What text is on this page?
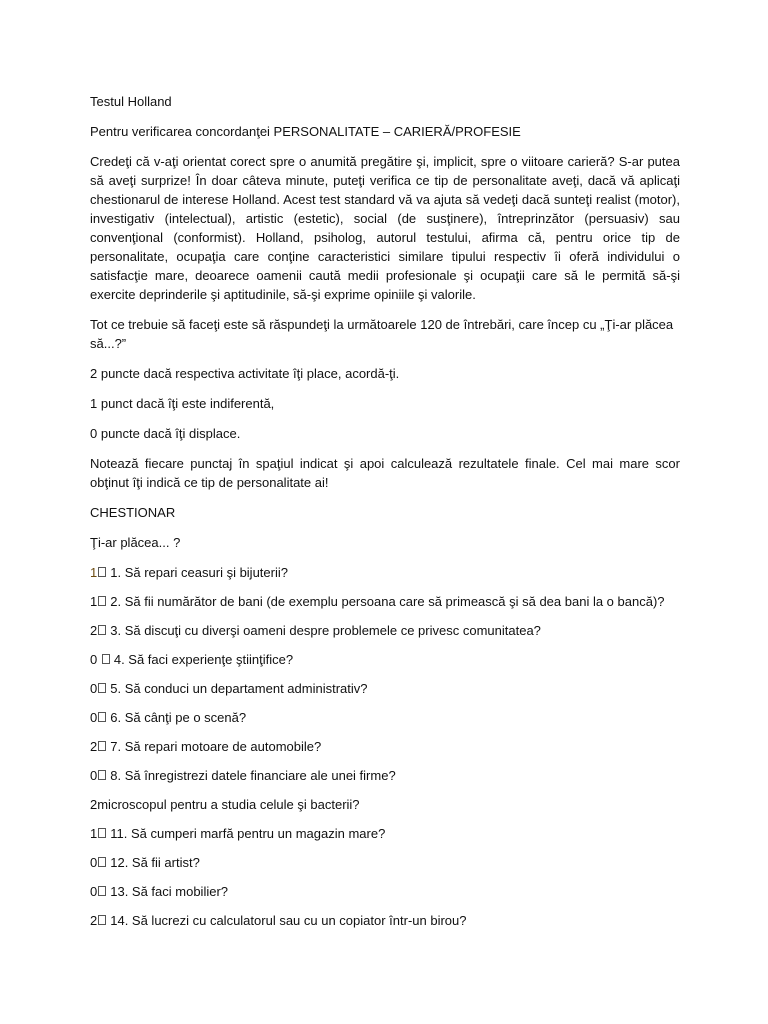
Testul Holland

Pentru verificarea concordanţei PERSONALITATE – CARIERĂ/PROFESIE

Credeţi că v-aţi orientat corect spre o anumită pregătire şi, implicit, spre o viitoare carieră? S-ar putea să aveţi surprize! În doar câteva minute, puteţi verifica ce tip de personalitate aveţi, dacă vă aplicaţi chestionarul de interese Holland. Acest test standard vă va ajuta să vedeţi dacă sunteţi realist (motor), investigativ (intelectual), artistic (estetic), social (de susţinere), întreprinzător (persuasiv) sau convenţional (conformist). Holland, psiholog, autorul testului, afirma că, pentru orice tip de personalitate, ocupaţia care conţine caracteristici similare tipului respectiv îi oferă individului o satisfacţie mare, deoarece oamenii caută medii profesionale şi ocupaţii care să le permită să-şi exercite deprinderile şi aptitudinile, să-şi exprime opiniile şi valorile.

Tot ce trebuie să faceţi este să răspundeţi la următoarele 120 de întrebări, care încep cu „Ţi-ar plăcea să...?”

2 puncte dacă respectiva activitate îţi place, acordă-ţi.

1 punct dacă îţi este indiferentă,

0 puncte dacă îţi displace.

Notează fiecare punctaj în spaţiul indicat şi apoi calculează rezultatele finale. Cel mai mare scor obţinut îţi indică ce tip de personalitate ai!

CHESTIONAR

Ţi-ar plăcea... ?

1 1. Să repari ceasuri şi bijuterii?

1 2. Să fii numărător de bani (de exemplu persoana care să primească şi să dea bani la o bancă)?

2 3. Să discuţi cu diverşi oameni despre problemele ce privesc comunitatea?

0 4. Să faci experienţe ştiinţifice?

0 5. Să conduci un departament administrativ?

0 6. Să cânţi pe o scenă?

2 7. Să repari motoare de automobile?

0 8. Să înregistrezi datele financiare ale unei firme?

2microscopul pentru a studia celule şi bacterii?

1 11. Să cumperi marfă pentru un magazin mare?

0 12. Să fii artist?

0 13. Să faci mobilier?

2 14. Să lucrezi cu calculatorul sau cu un copiator într-un birou?
